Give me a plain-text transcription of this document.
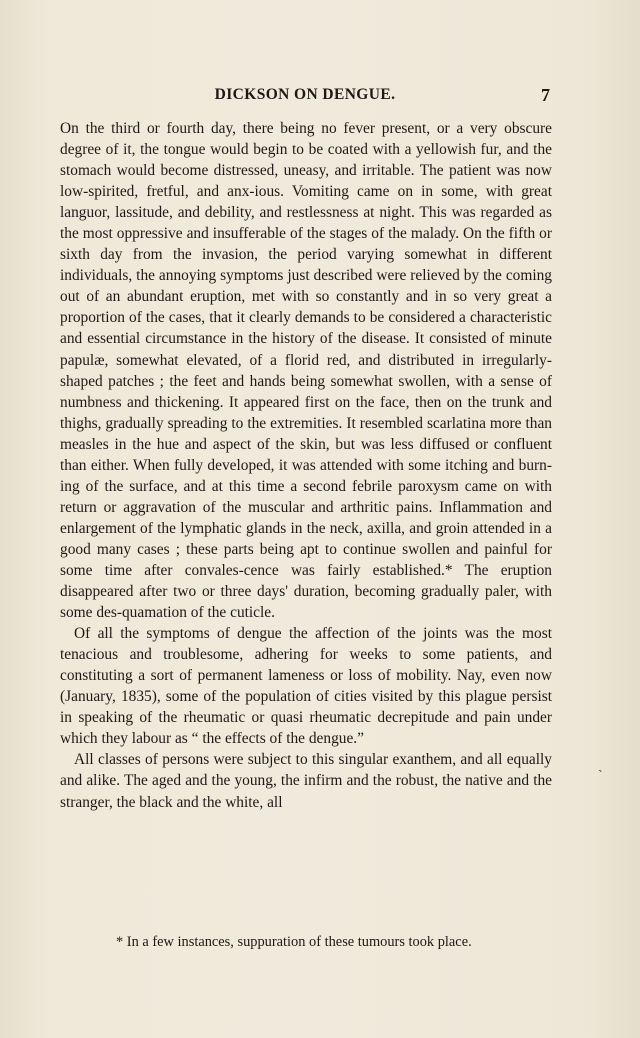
DICKSON ON DENGUE.	7

On the third or fourth day, there being no fever present, or a very obscure degree of it, the tongue would begin to be coated with a yellowish fur, and the stomach would become distressed, uneasy, and irritable. The patient was now low-spirited, fretful, and anx-ious. Vomiting came on in some, with great languor, lassitude, and debility, and restlessness at night. This was regarded as the most oppressive and insufferable of the stages of the malady. On the fifth or sixth day from the invasion, the period varying somewhat in different individuals, the annoying symptoms just described were relieved by the coming out of an abundant eruption, met with so constantly and in so very great a proportion of the cases, that it clearly demands to be considered a characteristic and essential circumstance in the history of the disease. It consisted of minute papulæ, somewhat elevated, of a florid red, and distributed in irregularly-shaped patches ; the feet and hands being somewhat swollen, with a sense of numbness and thickening. It appeared first on the face, then on the trunk and thighs, gradually spreading to the extremities. It resembled scarlatina more than measles in the hue and aspect of the skin, but was less diffused or confluent than either. When fully developed, it was attended with some itching and burn-ing of the surface, and at this time a second febrile paroxysm came on with return or aggravation of the muscular and arthritic pains. Inflammation and enlargement of the lymphatic glands in the neck, axilla, and groin attended in a good many cases ; these parts being apt to continue swollen and painful for some time after convales-cence was fairly established.* The eruption disappeared after two or three days' duration, becoming gradually paler, with some des-quamation of the cuticle.

Of all the symptoms of dengue the affection of the joints was the most tenacious and troublesome, adhering for weeks to some patients, and constituting a sort of permanent lameness or loss of mobility. Nay, even now (January, 1835), some of the population of cities visited by this plague persist in speaking of the rheumatic or quasi rheumatic decrepitude and pain under which they labour as “ the effects of the dengue.”

All classes of persons were subject to this singular exanthem, and all equally and alike. The aged and the young, the infirm and the robust, the native and the stranger, the black and the white, all

* In a few instances, suppuration of these tumours took place.
ˏ
